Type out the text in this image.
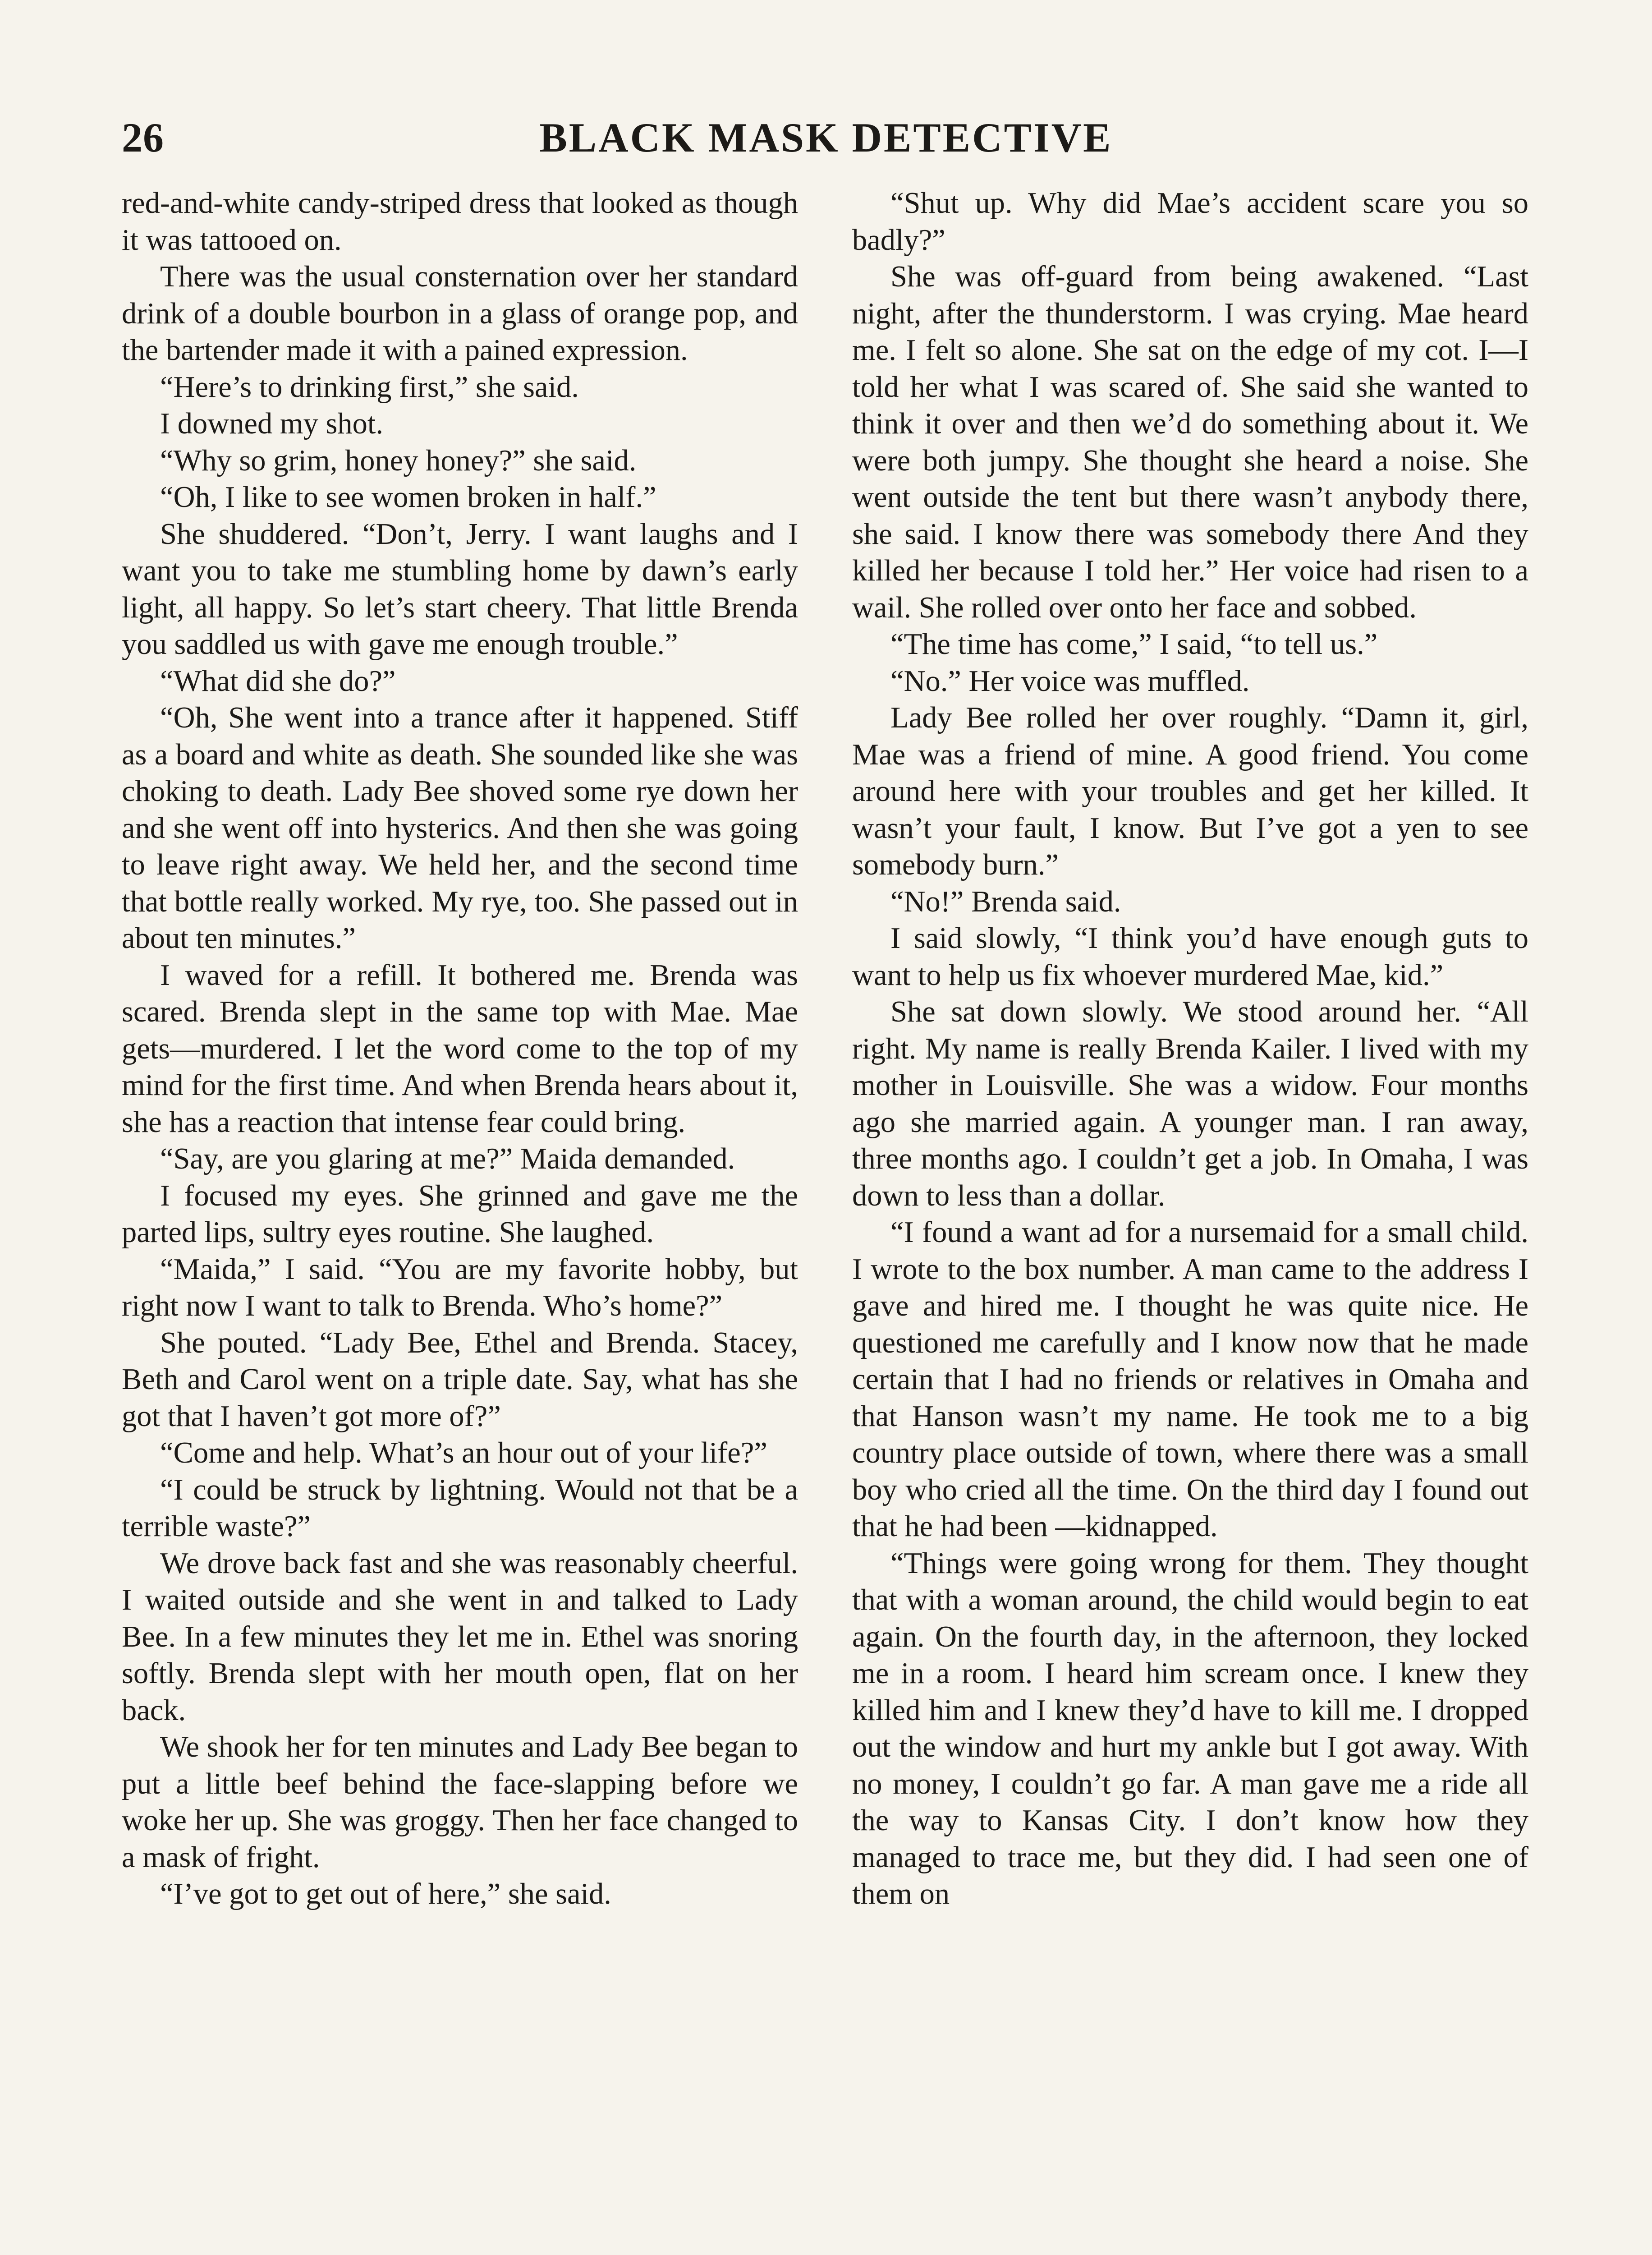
26	BLACK MASK DETECTIVE

red-and-white candy-striped dress that looked as though it was tattooed on.

There was the usual consternation over her standard drink of a double bourbon in a glass of orange pop, and the bartender made it with a pained expression.

“Here’s to drinking first,” she said.

I downed my shot.

“Why so grim, honey honey?” she said.

“Oh, I like to see women broken in half.”

She shuddered. “Don’t, Jerry. I want laughs and I want you to take me stumbling home by dawn’s early light, all happy. So let’s start cheery. That little Brenda you saddled us with gave me enough trouble.”

“What did she do?”

“Oh, She went into a trance after it happened. Stiff as a board and white as death. She sounded like she was choking to death. Lady Bee shoved some rye down her and she went off into hysterics. And then she was going to leave right away. We held her, and the second time that bottle really worked. My rye, too. She passed out in about ten minutes.”

I waved for a refill. It bothered me. Brenda was scared. Brenda slept in the same top with Mae. Mae gets—murdered. I let the word come to the top of my mind for the first time. And when Brenda hears about it, she has a reaction that intense fear could bring.

“Say, are you glaring at me?” Maida demanded.

I focused my eyes. She grinned and gave me the parted lips, sultry eyes routine. She laughed.

“Maida,” I said. “You are my favorite hobby, but right now I want to talk to Brenda. Who’s home?”

She pouted. “Lady Bee, Ethel and Brenda. Stacey, Beth and Carol went on a triple date. Say, what has she got that I haven’t got more of?”

“Come and help. What’s an hour out of your life?”

“I could be struck by lightning. Would not that be a terrible waste?”

We drove back fast and she was reasonably cheerful. I waited outside and she went in and talked to Lady Bee. In a few minutes they let me in. Ethel was snoring softly. Brenda slept with her mouth open, flat on her back.

We shook her for ten minutes and Lady Bee began to put a little beef behind the face-slapping before we woke her up. She was groggy. Then her face changed to a mask of fright.

“I’ve got to get out of here,” she said.

“Shut up. Why did Mae’s accident scare you so badly?”

She was off-guard from being awakened. “Last night, after the thunderstorm. I was crying. Mae heard me. I felt so alone. She sat on the edge of my cot. I—I told her what I was scared of. She said she wanted to think it over and then we’d do something about it. We were both jumpy. She thought she heard a noise. She went outside the tent but there wasn’t anybody there, she said. I know there was somebody there And they killed her because I told her.” Her voice had risen to a wail. She rolled over onto her face and sobbed.

“The time has come,” I said, “to tell us.”

“No.” Her voice was muffled.

Lady Bee rolled her over roughly. “Damn it, girl, Mae was a friend of mine. A good friend. You come around here with your troubles and get her killed. It wasn’t your fault, I know. But I’ve got a yen to see somebody burn.”

“No!” Brenda said.

I said slowly, “I think you’d have enough guts to want to help us fix whoever murdered Mae, kid.”

She sat down slowly. We stood around her. “All right. My name is really Brenda Kailer. I lived with my mother in Louisville. She was a widow. Four months ago she married again. A younger man. I ran away, three months ago. I couldn’t get a job. In Omaha, I was down to less than a dollar.

“I found a want ad for a nursemaid for a small child. I wrote to the box number. A man came to the address I gave and hired me. I thought he was quite nice. He questioned me carefully and I know now that he made certain that I had no friends or relatives in Omaha and that Hanson wasn’t my name. He took me to a big country place outside of town, where there was a small boy who cried all the time. On the third day I found out that he had been —kidnapped.

“Things were going wrong for them. They thought that with a woman around, the child would begin to eat again. On the fourth day, in the afternoon, they locked me in a room. I heard him scream once. I knew they killed him and I knew they’d have to kill me. I dropped out the window and hurt my ankle but I got away. With no money, I couldn’t go far. A man gave me a ride all the way to Kansas City. I don’t know how they managed to trace me, but they did. I had seen one of them on
